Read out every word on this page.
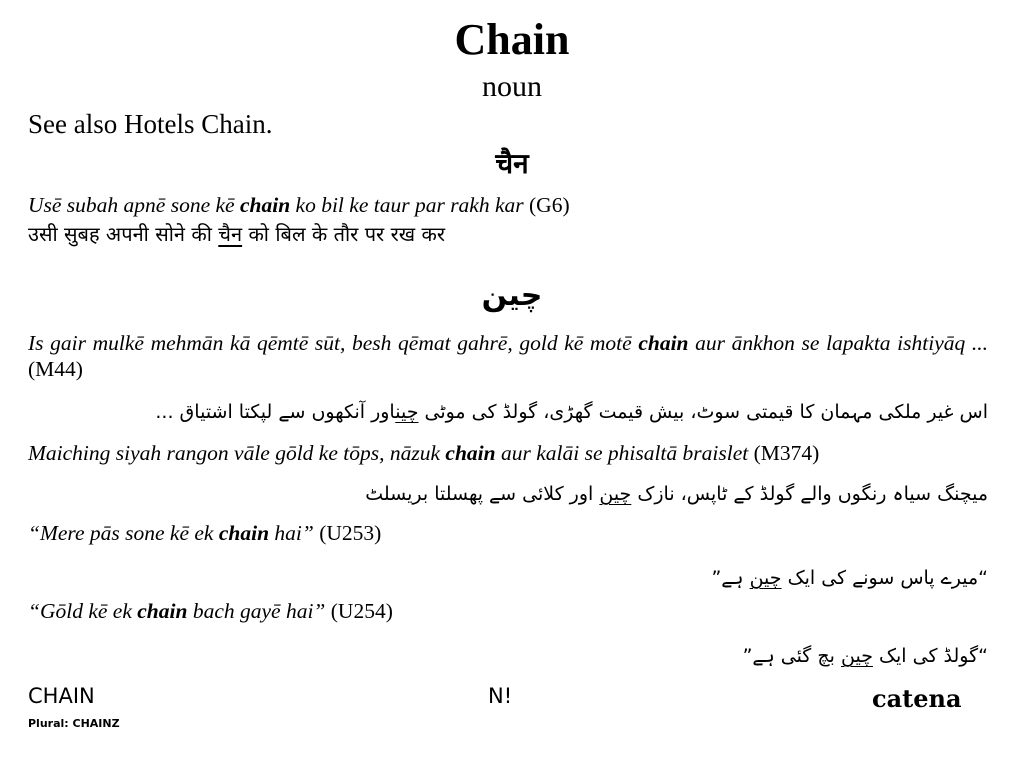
Chain
noun
See also Hotels Chain.
चैन
Usē subah apnē sone kē chain ko bil ke taur par rakh kar (G6)
उसी सुबह अपनी सोने की चैन को बिल के तौर पर रख कर
چین
Is gair mulkē mehmān kā qēmtē sūt, besh qēmat gahrē, gold kē motē chain aur ānkhon se lapakta ishtiyāq ... (M44)
اس غیر ملکی مہمان کا قیمتی سوٹ، بیش قیمت گھڑی، گولڈ کی موٹی چیناور آنکھوں سے لپکتا اشتیاق ...
Maiching siyah rangon vāle gōld ke tōps, nāzuk chain aur kalāi se phisaltā braislet (M374)
میچنگ سیاہ رنگوں والے گولڈ کے ٹاپس، نازک چین اور کلائی سے پھسلتا بریسلٹ
“Mere pās sone kē ek chain hai” (U253)
“میرے پاس سونے کی ایک چین ہے”
“Gōld kē ek chain bach gayē hai” (U254)
“گولڈ کی ایک چین بچ گئی ہے”
CHAIN
Plural: CHAINZ
N!	catena
